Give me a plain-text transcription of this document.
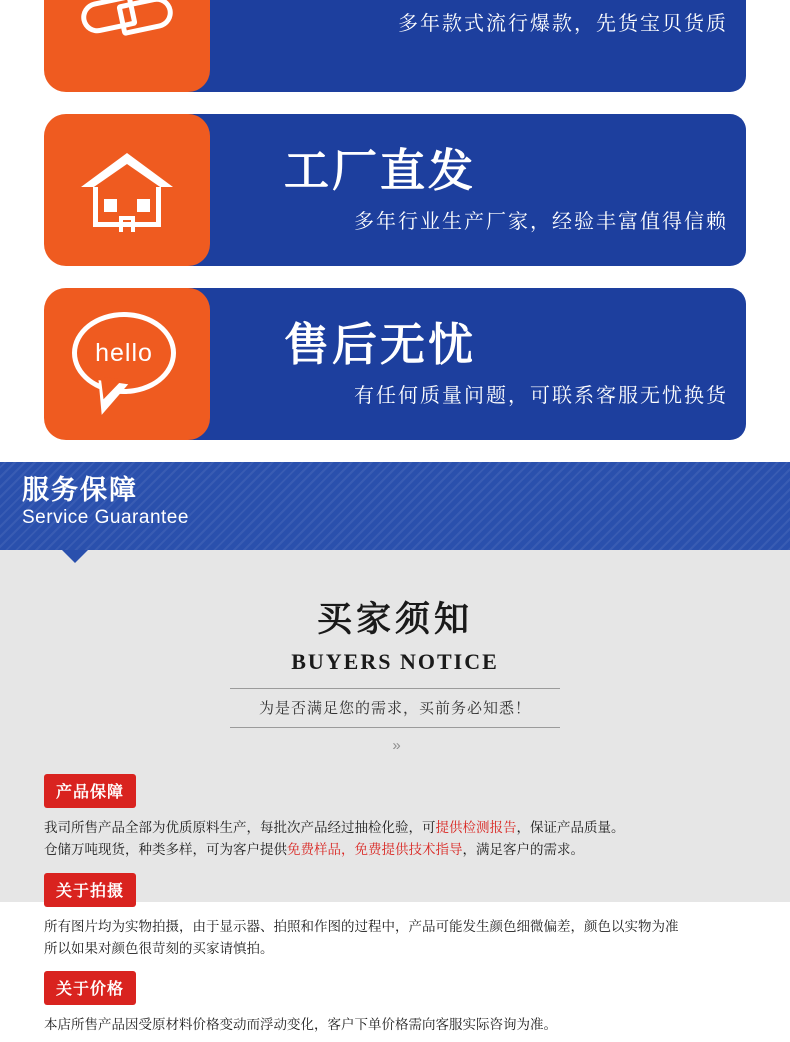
多年款式流行爆款，先货宝贝货质
工厂直发
多年行业生产厂家，经验丰富值得信赖
hello	售后无忧
有任何质量问题，可联系客服无忧换货
服务保障
Service Guarantee
买家须知
BUYERS NOTICE
为是否满足您的需求，买前务必知悉！
»
产品保障
我司所售产品全部为优质原料生产，每批次产品经过抽检化验，可提供检测报告，保证产品质量。
仓储万吨现货，种类多样，可为客户提供免费样品，免费提供技术指导，满足客户的需求。
关于拍摄
所有图片均为实物拍摄，由于显示器、拍照和作图的过程中，产品可能发生颜色细微偏差，颜色以实物为准
所以如果对颜色很苛刻的买家请慎拍。
关于价格
本店所售产品因受原材料价格变动而浮动变化，客户下单价格需向客服实际咨询为准。
